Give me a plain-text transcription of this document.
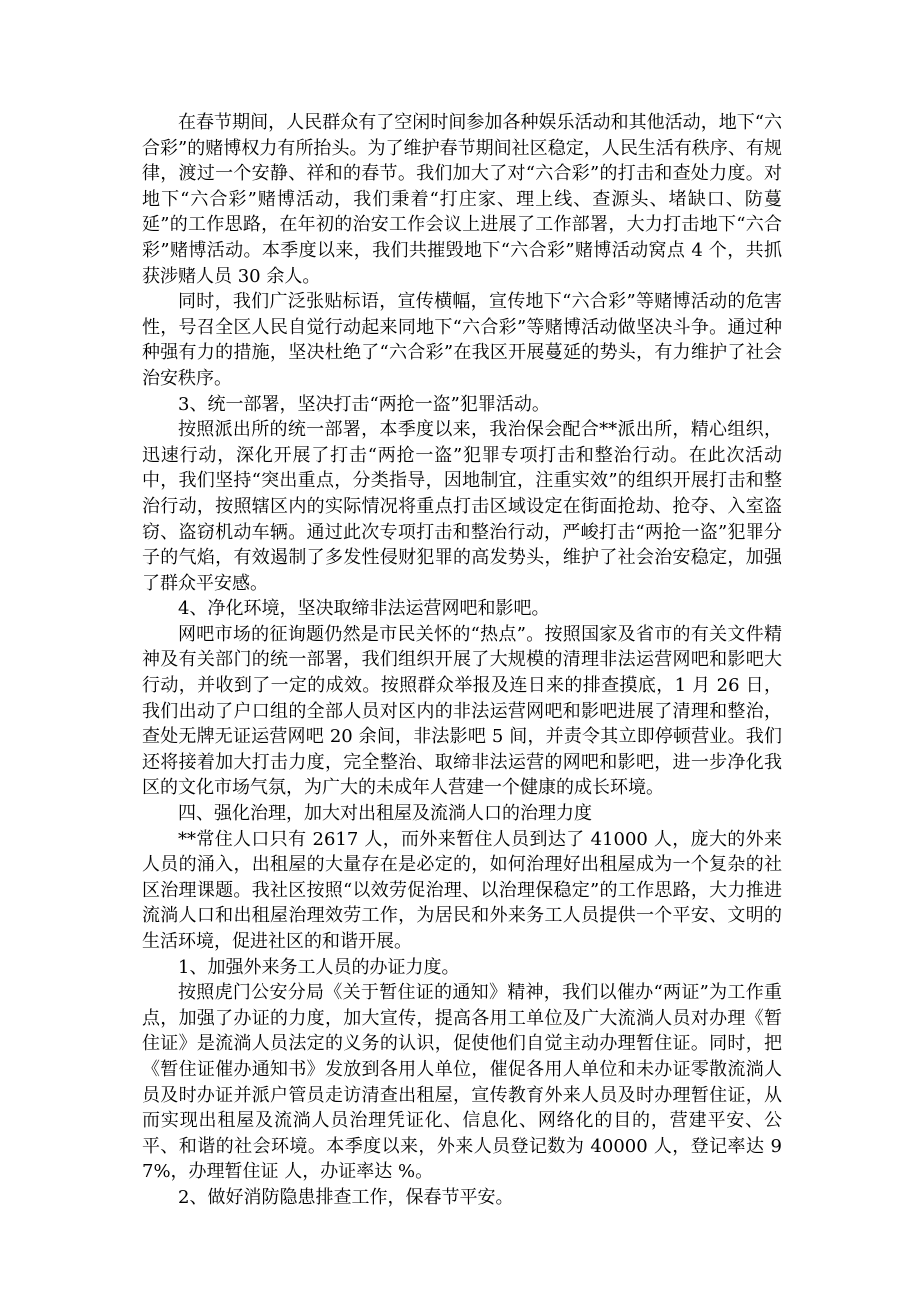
在春节期间，人民群众有了空闲时间参加各种娱乐活动和其他活动，地下“六合彩”的赌博权力有所抬头。为了维护春节期间社区稳定，人民生活有秩序、有规律，渡过一个安静、祥和的春节。我们加大了对“六合彩”的打击和查处力度。对地下“六合彩”赌博活动，我们秉着“打庄家、理上线、查源头、堵缺口、防蔓延”的工作思路，在年初的治安工作会议上进展了工作部署，大力打击地下“六合彩”赌博活动。本季度以来，我们共摧毁地下“六合彩”赌博活动窝点 4 个，共抓获涉赌人员 30 余人。

同时，我们广泛张贴标语，宣传横幅，宣传地下“六合彩”等赌博活动的危害性，号召全区人民自觉行动起来同地下“六合彩”等赌博活动做坚决斗争。通过种种强有力的措施，坚决杜绝了“六合彩”在我区开展蔓延的势头，有力维护了社会治安秩序。

3、统一部署，坚决打击“两抢一盗”犯罪活动。

按照派出所的统一部署，本季度以来，我治保会配合**派出所，精心组织，迅速行动，深化开展了打击“两抢一盗”犯罪专项打击和整治行动。在此次活动中，我们坚持“突出重点，分类指导，因地制宜，注重实效”的组织开展打击和整治行动，按照辖区内的实际情况将重点打击区域设定在街面抢劫、抢夺、入室盗窃、盗窃机动车辆。通过此次专项打击和整治行动，严峻打击“两抢一盗”犯罪分子的气焰，有效遏制了多发性侵财犯罪的高发势头，维护了社会治安稳定，加强了群众平安感。

4、净化环境，坚决取缔非法运营网吧和影吧。

网吧市场的征询题仍然是市民关怀的“热点”。按照国家及省市的有关文件精神及有关部门的统一部署，我们组织开展了大规模的清理非法运营网吧和影吧大行动，并收到了一定的成效。按照群众举报及连日来的排查摸底，1 月 26 日，我们出动了户口组的全部人员对区内的非法运营网吧和影吧进展了清理和整治，查处无牌无证运营网吧 20 余间，非法影吧 5 间，并责令其立即停顿营业。我们还将接着加大打击力度，完全整治、取缔非法运营的网吧和影吧，进一步净化我区的文化市场气氛，为广大的未成年人营建一个健康的成长环境。

四、强化治理，加大对出租屋及流淌人口的治理力度

**常住人口只有 2617 人，而外来暂住人员到达了 41000 人，庞大的外来人员的涌入，出租屋的大量存在是必定的，如何治理好出租屋成为一个复杂的社区治理课题。我社区按照“以效劳促治理、以治理保稳定”的工作思路，大力推进流淌人口和出租屋治理效劳工作，为居民和外来务工人员提供一个平安、文明的生活环境，促进社区的和谐开展。

1、加强外来务工人员的办证力度。

按照虎门公安分局《关于暂住证的通知》精神，我们以催办“两证”为工作重点，加强了办证的力度，加大宣传，提高各用工单位及广大流淌人员对办理《暂住证》是流淌人员法定的义务的认识，促使他们自觉主动办理暂住证。同时，把《暂住证催办通知书》发放到各用人单位，催促各用人单位和未办证零散流淌人员及时办证并派户管员走访清查出租屋，宣传教育外来人员及时办理暂住证，从而实现出租屋及流淌人员治理凭证化、信息化、网络化的目的，营建平安、公平、和谐的社会环境。本季度以来，外来人员登记数为 40000 人，登记率达 97%，办理暂住证 人，办证率达 %。

2、做好消防隐患排查工作，保春节平安。
